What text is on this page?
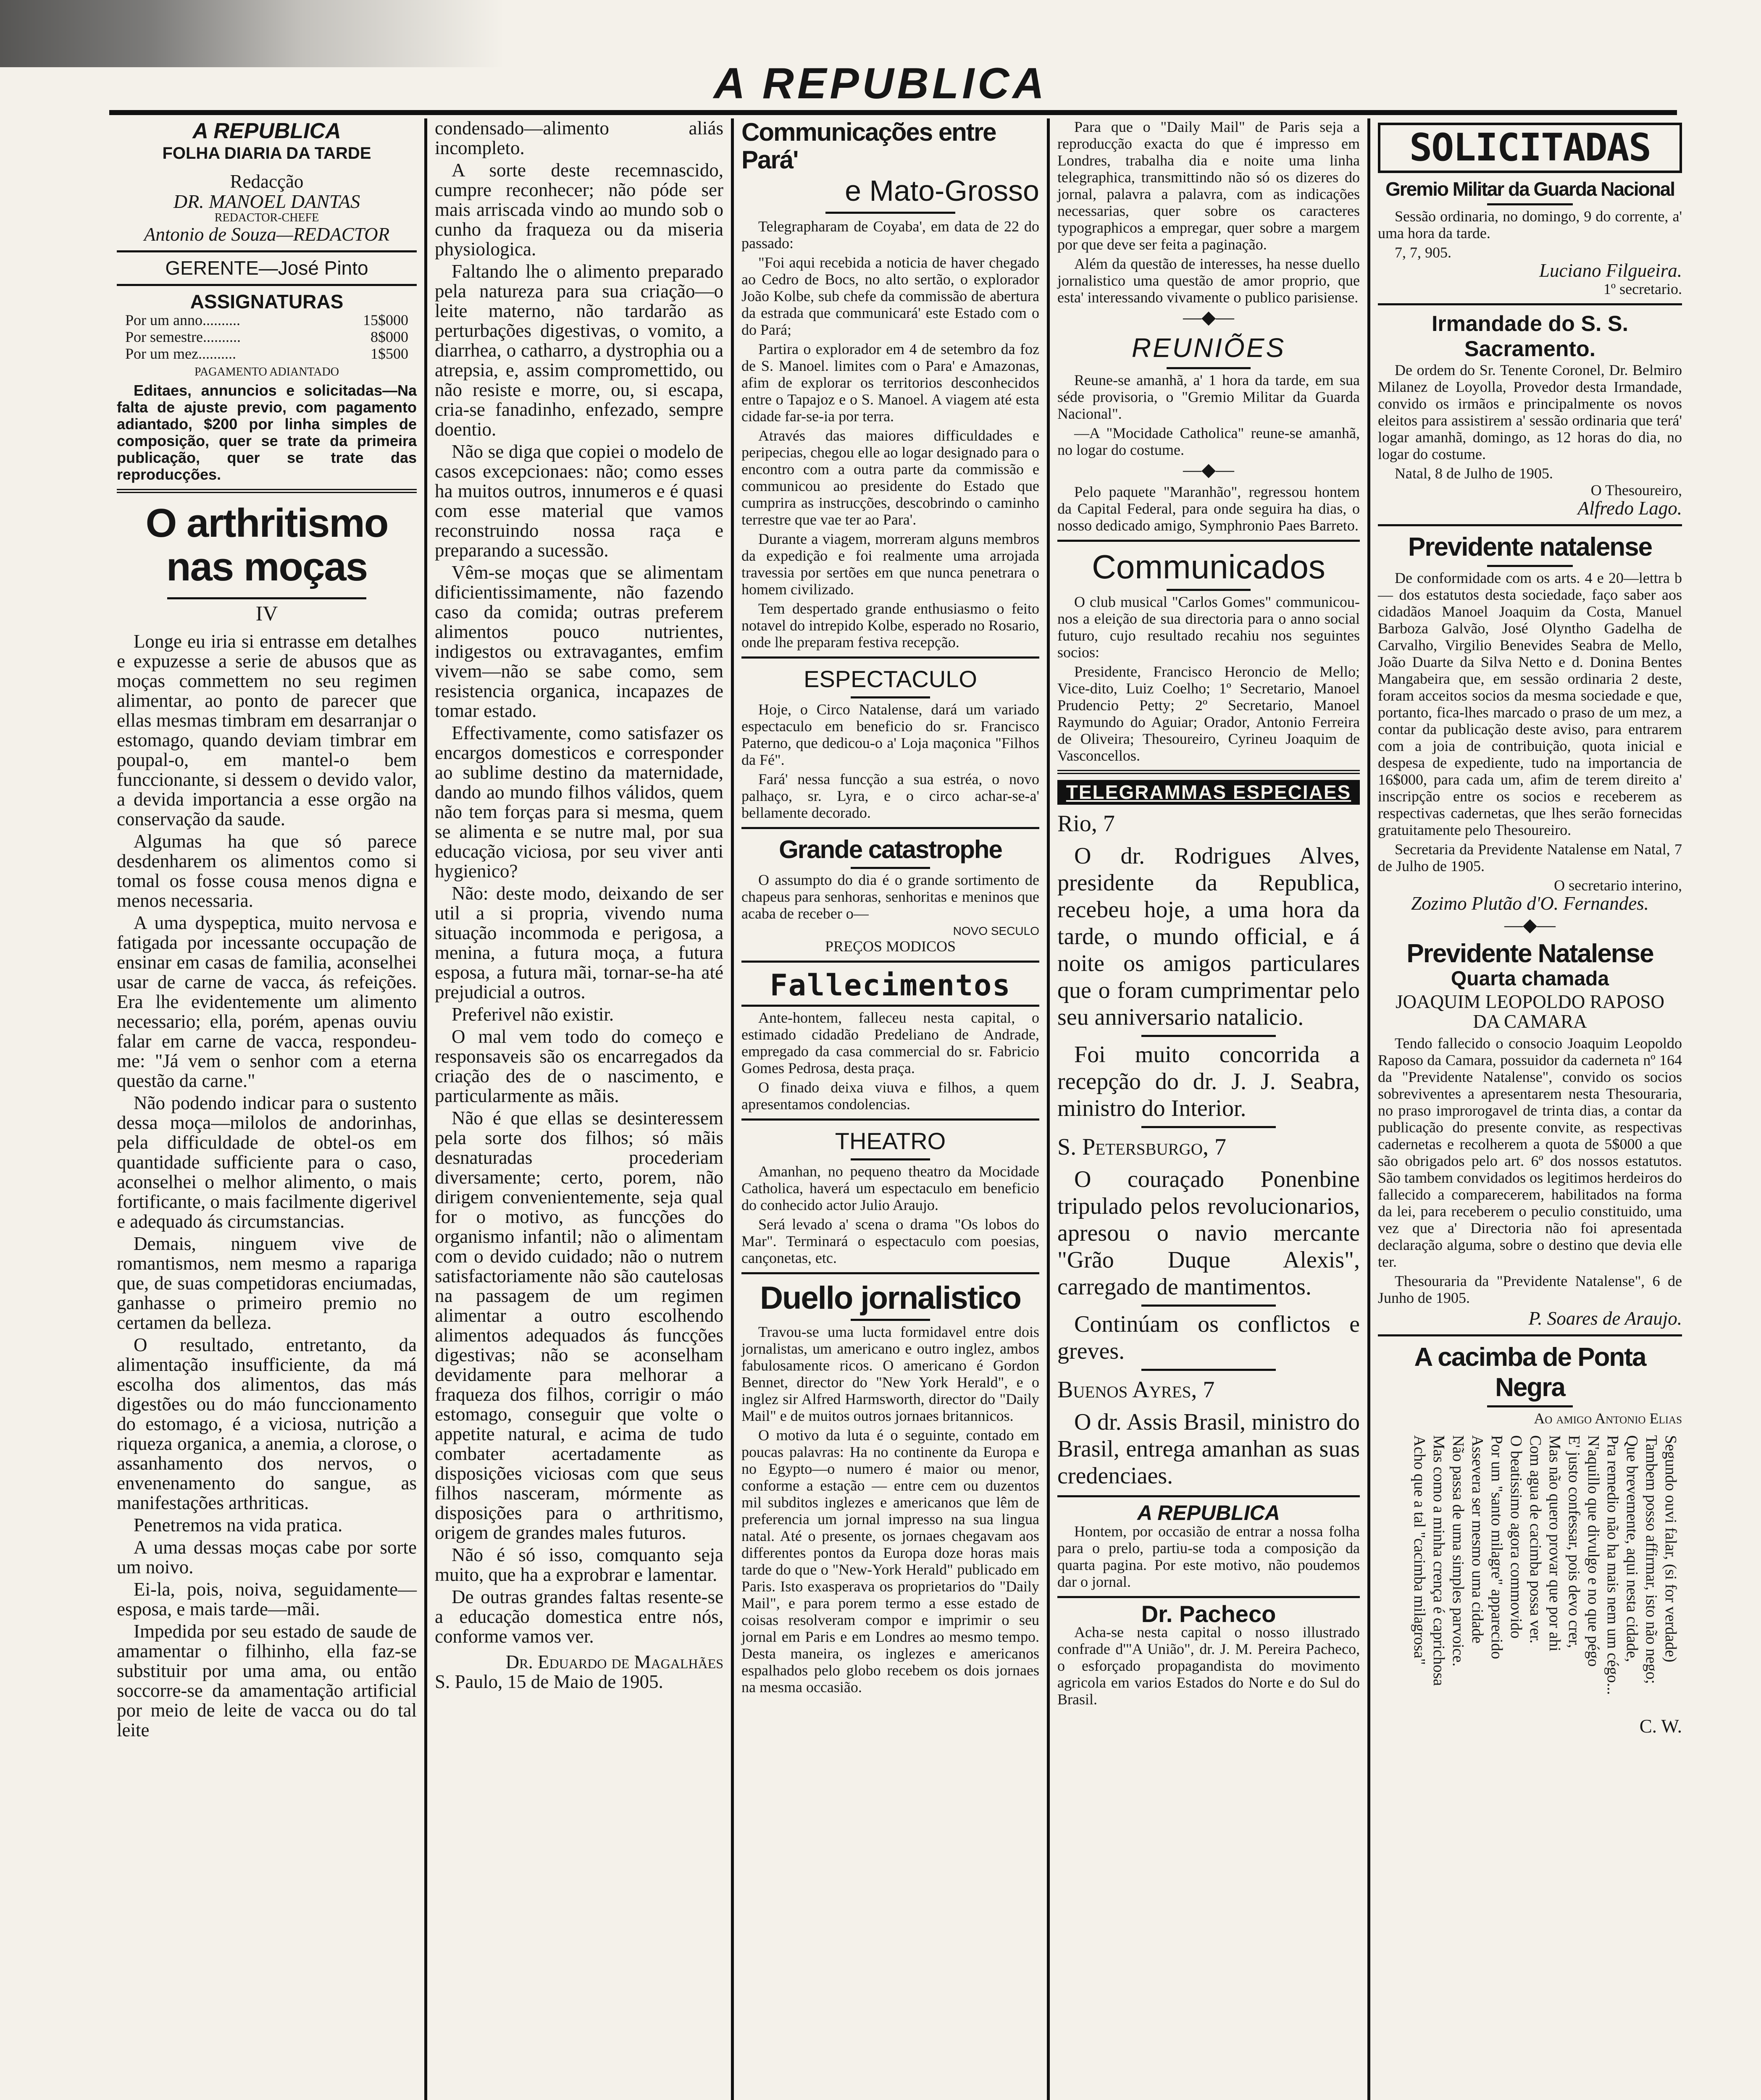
A REPUBLICA
A REPUBLICA
FOLHA DIARIA DA TARDE
Redacção
DR. MANOEL DANTAS
REDACTOR-CHEFE
Antonio de Souza—REDACTOR
GERENTE—José Pinto
ASSIGNATURAS
Por um anno..........	15$000
Por semestre..........	8$000
Por um mez..........	1$500
PAGAMENTO ADIANTADO

Editaes, annuncios e solicitadas—Na falta de ajuste previo, com pagamento adiantado, $200 por linha simples de composição, quer se trate da primeira publicação, quer se trate das reproducções.

O arthritismo nas moças
IV

Longe eu iria si entrasse em detalhes e expuzesse a serie de abusos que as moças commettem no seu regimen alimentar, ao ponto de parecer que ellas mesmas timbram em desarranjar o estomago, quando deviam timbrar em poupal-o, em mantel-o bem funccionante, si dessem o devido valor, a devida importancia a esse orgão na conservação da saude.

Algumas ha que só parece desdenharem os alimentos como si tomal os fosse cousa menos digna e menos necessaria.

A uma dyspeptica, muito nervosa e fatigada por incessante occupação de ensinar em casas de familia, aconselhei usar de carne de vacca, ás refeições. Era lhe evidentemente um alimento necessario; ella, porém, apenas ouviu falar em carne de vacca, respondeu-me: "Já vem o senhor com a eterna questão da carne."

Não podendo indicar para o sustento dessa moça—milolos de andorinhas, pela difficuldade de obtel-os em quantidade sufficiente para o caso, aconselhei o melhor alimento, o mais fortificante, o mais facilmente digerivel e adequado ás circumstancias.

Demais, ninguem vive de romantismos, nem mesmo a rapariga que, de suas competidoras enciumadas, ganhasse o primeiro premio no certamen da belleza.

O resultado, entretanto, da alimentação insufficiente, da má escolha dos alimentos, das más digestões ou do máo funccionamento do estomago, é a viciosa, nutrição a riqueza organica, a anemia, a clorose, o assanhamento dos nervos, o envenenamento do sangue, as manifestações arthriticas.

Penetremos na vida pratica.

A uma dessas moças cabe por sorte um noivo.

Ei-la, pois, noiva, seguidamente— esposa, e mais tarde—mãi.

Impedida por seu estado de saude de amamentar o filhinho, ella faz-se substituir por uma ama, ou então soccorre-se da amamentação artificial por meio de leite de vacca ou do tal leite

condensado—alimento aliás incompleto.

A sorte deste recemnascido, cumpre reconhecer; não póde ser mais arriscada vindo ao mundo sob o cunho da fraqueza ou da miseria physiologica.

Faltando lhe o alimento preparado pela natureza para sua criação—o leite materno, não tardarão as perturbações digestivas, o vomito, a diarrhea, o catharro, a dystrophia ou a atrepsia, e, assim compromettido, ou não resiste e morre, ou, si escapa, cria-se fanadinho, enfezado, sempre doentio.

Não se diga que copiei o modelo de casos excepcionaes: não; como esses ha muitos outros, innumeros e é quasi com esse material que vamos reconstruindo nossa raça e preparando a sucessão.

Vêm-se moças que se alimentam dificientissimamente, não fazendo caso da comida; outras preferem alimentos pouco nutrientes, indigestos ou extravagantes, emfim vivem—não se sabe como, sem resistencia organica, incapazes de tomar estado.

Effectivamente, como satisfazer os encargos domesticos e corresponder ao sublime destino da maternidade, dando ao mundo filhos válidos, quem não tem forças para si mesma, quem se alimenta e se nutre mal, por sua educação viciosa, por seu viver anti hygienico?

Não: deste modo, deixando de ser util a si propria, vivendo numa situação incommoda e perigosa, a menina, a futura moça, a futura esposa, a futura mãi, tornar-se-ha até prejudicial a outros.

Preferivel não existir.

O mal vem todo do começo e responsaveis são os encarregados da criação des de o nascimento, e particularmente as mãis.

Não é que ellas se desinteressem pela sorte dos filhos; só mãis desnaturadas procederiam diversamente; certo, porem, não dirigem convenientemente, seja qual for o motivo, as funcções do organismo infantil; não o alimentam com o devido cuidado; não o nutrem satisfactoriamente não são cautelosas na passagem de um regimen alimentar a outro escolhendo alimentos adequados ás funcções digestivas; não se aconselham devidamente para melhorar a fraqueza dos filhos, corrigir o máo estomago, conseguir que volte o appetite natural, e acima de tudo combater acertadamente as disposições viciosas com que seus filhos nasceram, mórmente as disposições para o arthritismo, origem de grandes males futuros.

Não é só isso, comquanto seja muito, que ha a exprobrar e lamentar.

De outras grandes faltas resente-se a educação domestica entre nós, conforme vamos ver.

Dr. Eduardo de Magalhães
S. Paulo, 15 de Maio de 1905.
Communicações entre Pará'
e Mato-Grosso

Telegrapharam de Coyaba', em data de 22 do passado:

"Foi aqui recebida a noticia de haver chegado ao Cedro de Bocs, no alto sertão, o explorador João Kolbe, sub chefe da commissão de abertura da estrada que communicará' este Estado com o do Pará;

Partira o explorador em 4 de setembro da foz de S. Manoel. limites com o Para' e Amazonas, afim de explorar os territorios desconhecidos entre o Tapajoz e o S. Manoel. A viagem até esta cidade far-se-ia por terra.

Através das maiores difficuldades e peripecias, chegou elle ao logar designado para o encontro com a outra parte da commissão e communicou ao presidente do Estado que cumprira as instrucções, descobrindo o caminho terrestre que vae ter ao Para'.

Durante a viagem, morreram alguns membros da expedição e foi realmente uma arrojada travessia por sertões em que nunca penetrara o homem civilizado.

Tem despertado grande enthusiasmo o feito notavel do intrepido Kolbe, esperado no Rosario, onde lhe preparam festiva recepção.

ESPECTACULO

Hoje, o Circo Natalense, dará um variado espectaculo em beneficio do sr. Francisco Paterno, que dedicou-o a' Loja maçonica "Filhos da Fé".

Fará' nessa funcção a sua estréa, o novo palhaço, sr. Lyra, e o circo achar-se-a' bellamente decorado.

Grande catastrophe

O assumpto do dia é o grande sortimento de chapeus para senhoras, senhoritas e meninos que acaba de receber o—

NOVO SECULO
PREÇOS MODICOS
Fallecimentos

Ante-hontem, falleceu nesta capital, o estimado cidadão Predeliano de Andrade, empregado da casa commercial do sr. Fabricio Gomes Pedrosa, desta praça.

O finado deixa viuva e filhos, a quem apresentamos condolencias.

THEATRO

Amanhan, no pequeno theatro da Mocidade Catholica, haverá um espectaculo em beneficio do conhecido actor Julio Araujo.

Será levado a' scena o drama "Os lobos do Mar". Terminará o espectaculo com poesias, cançonetas, etc.

Duello jornalistico

Travou-se uma lucta formidavel entre dois jornalistas, um americano e outro inglez, ambos fabulosamente ricos. O americano é Gordon Bennet, director do "New York Herald", e o inglez sir Alfred Harmsworth, director do "Daily Mail" e de muitos outros jornaes britannicos.

O motivo da luta é o seguinte, contado em poucas palavras: Ha no continente da Europa e no Egypto—o numero é maior ou menor, conforme a estação — entre cem ou duzentos mil subditos inglezes e americanos que lêm de preferencia um jornal impresso na sua lingua natal. Até o presente, os jornaes chegavam aos differentes pontos da Europa doze horas mais tarde do que o "New-York Herald" publicado em Paris. Isto exasperava os proprietarios do "Daily Mail", e para porem termo a esse estado de coisas resolveram compor e imprimir o seu jornal em Paris e em Londres ao mesmo tempo. Desta maneira, os inglezes e americanos espalhados pelo globo recebem os dois jornaes na mesma occasião.

Para que o "Daily Mail" de Paris seja a reproducção exacta do que é impresso em Londres, trabalha dia e noite uma linha telegraphica, transmittindo não só os dizeres do jornal, palavra a palavra, com as indicações necessarias, quer sobre os caracteres typographicos a empregar, quer sobre a margem por que deve ser feita a paginação.

Além da questão de interesses, ha nesse duello jornalistico uma questão de amor proprio, que esta' interessando vivamente o publico parisiense.

—◆—
REUNIÕES

Reune-se amanhã, a' 1 hora da tarde, em sua séde provisoria, o "Gremio Militar da Guarda Nacional".

—A "Mocidade Catholica" reune-se amanhã, no logar do costume.

—◆—

Pelo paquete "Maranhão", regressou hontem da Capital Federal, para onde seguira ha dias, o nosso dedicado amigo, Symphronio Paes Barreto.

Communicados

O club musical "Carlos Gomes" communicou-nos a eleição de sua directoria para o anno social futuro, cujo resultado recahiu nos seguintes socios:

Presidente, Francisco Heroncio de Mello; Vice-dito, Luiz Coelho; 1º Secretario, Manoel Prudencio Petty; 2º Secretario, Manoel Raymundo do Aguiar; Orador, Antonio Ferreira de Oliveira; Thesoureiro, Cyrineu Joaquim de Vasconcellos.

TELEGRAMMAS ESPECIAES
Rio, 7

O dr. Rodrigues Alves, presidente da Republica, recebeu hoje, a uma hora da tarde, o mundo official, e á noite os amigos particulares que o foram cumprimentar pelo seu anniversario natalicio.

Foi muito concorrida a recepção do dr. J. J. Seabra, ministro do Interior.

S. Petersburgo, 7

O couraçado Ponenbine tripulado pelos revolucionarios, apresou o navio mercante "Grão Duque Alexis", carregado de mantimentos.

Continúam os conflictos e greves.

Buenos Ayres, 7

O dr. Assis Brasil, ministro do Brasil, entrega amanhan as suas credenciaes.

A REPUBLICA

Hontem, por occasião de entrar a nossa folha para o prelo, partiu-se toda a composição da quarta pagina. Por este motivo, não poudemos dar o jornal.

Dr. Pacheco

Acha-se nesta capital o nosso illustrado confrade d'"A União", dr. J. M. Pereira Pacheco, o esforçado propagandista do movimento agricola em varios Estados do Norte e do Sul do Brasil.

SOLICITADAS
Gremio Militar da Guarda Nacional

Sessão ordinaria, no domingo, 9 do corrente, a' uma hora da tarde.

7, 7, 905.
Luciano Filgueira.
1º secretario.
Irmandade do S. S. Sacramento.

De ordem do Sr. Tenente Coronel, Dr. Belmiro Milanez de Loyolla, Provedor desta Irmandade, convido os irmãos e principalmente os novos eleitos para assistirem a' sessão ordinaria que terá' logar amanhã, domingo, as 12 horas do dia, no logar do costume.

Natal, 8 de Julho de 1905.
O Thesoureiro,
Alfredo Lago.
Previdente natalense

De conformidade com os arts. 4 e 20—lettra b— dos estatutos desta sociedade, faço saber aos cidadãos Manoel Joaquim da Costa, Manuel Barboza Galvão, José Olyntho Gadelha de Carvalho, Virgilio Benevides Seabra de Mello, João Duarte da Silva Netto e d. Donina Bentes Mangabeira que, em sessão ordinaria 2 deste, foram acceitos socios da mesma sociedade e que, portanto, fica-lhes marcado o praso de um mez, a contar da publicação deste aviso, para entrarem com a joia de contribuição, quota inicial e despesa de expediente, tudo na importancia de 16$000, para cada um, afim de terem direito a' inscripção entre os socios e receberem as respectivas cadernetas, que lhes serão fornecidas gratuitamente pelo Thesoureiro.

Secretaria da Previdente Natalense em Natal, 7 de Julho de 1905.

O secretario interino,
Zozimo Plutão d'O. Fernandes.
—◆—
Previdente Natalense
Quarta chamada
JOAQUIM LEOPOLDO RAPOSO DA CAMARA

Tendo fallecido o consocio Joaquim Leopoldo Raposo da Camara, possuidor da caderneta nº 164 da "Previdente Natalense", convido os socios sobreviventes a apresentarem nesta Thesouraria, no praso improrogavel de trinta dias, a contar da publicação do presente convite, as respectivas cadernetas e recolherem a quota de 5$000 a que são obrigados pelo art. 6º dos nossos estatutos. São tambem convidados os legitimos herdeiros do fallecido a comparecerem, habilitados na forma da lei, para receberem o peculio constituido, uma vez que a' Directoria não foi apresentada declaração alguma, sobre o destino que devia elle ter.

Thesouraria da "Previdente Natalense", 6 de Junho de 1905.

P. Soares de Araujo.
A cacimba de Ponta Negra
Ao amigo Antonio Elias
Segundo ouvi falar, (si for verdade)
Tambem posso affirmar, isto não nego;
Que brevemente, aqui nesta cidade,
Pra remedio não ha mais nem um cégo...
N'aquillo que divulgo e no que pégo
E' justo confessar, pois devo crer,
Mas não quero provar que por ahi
Com agua de cacimba possa ver.
O beatissimo agora commovido
Por um "santo milagre" apparecido
Assevera ser mesmo uma cidade
Não passa de uma simples parvoice.
Mas como a minha crença é caprichosa
Acho que a tal "cacimba milagrosa"
C. W.
